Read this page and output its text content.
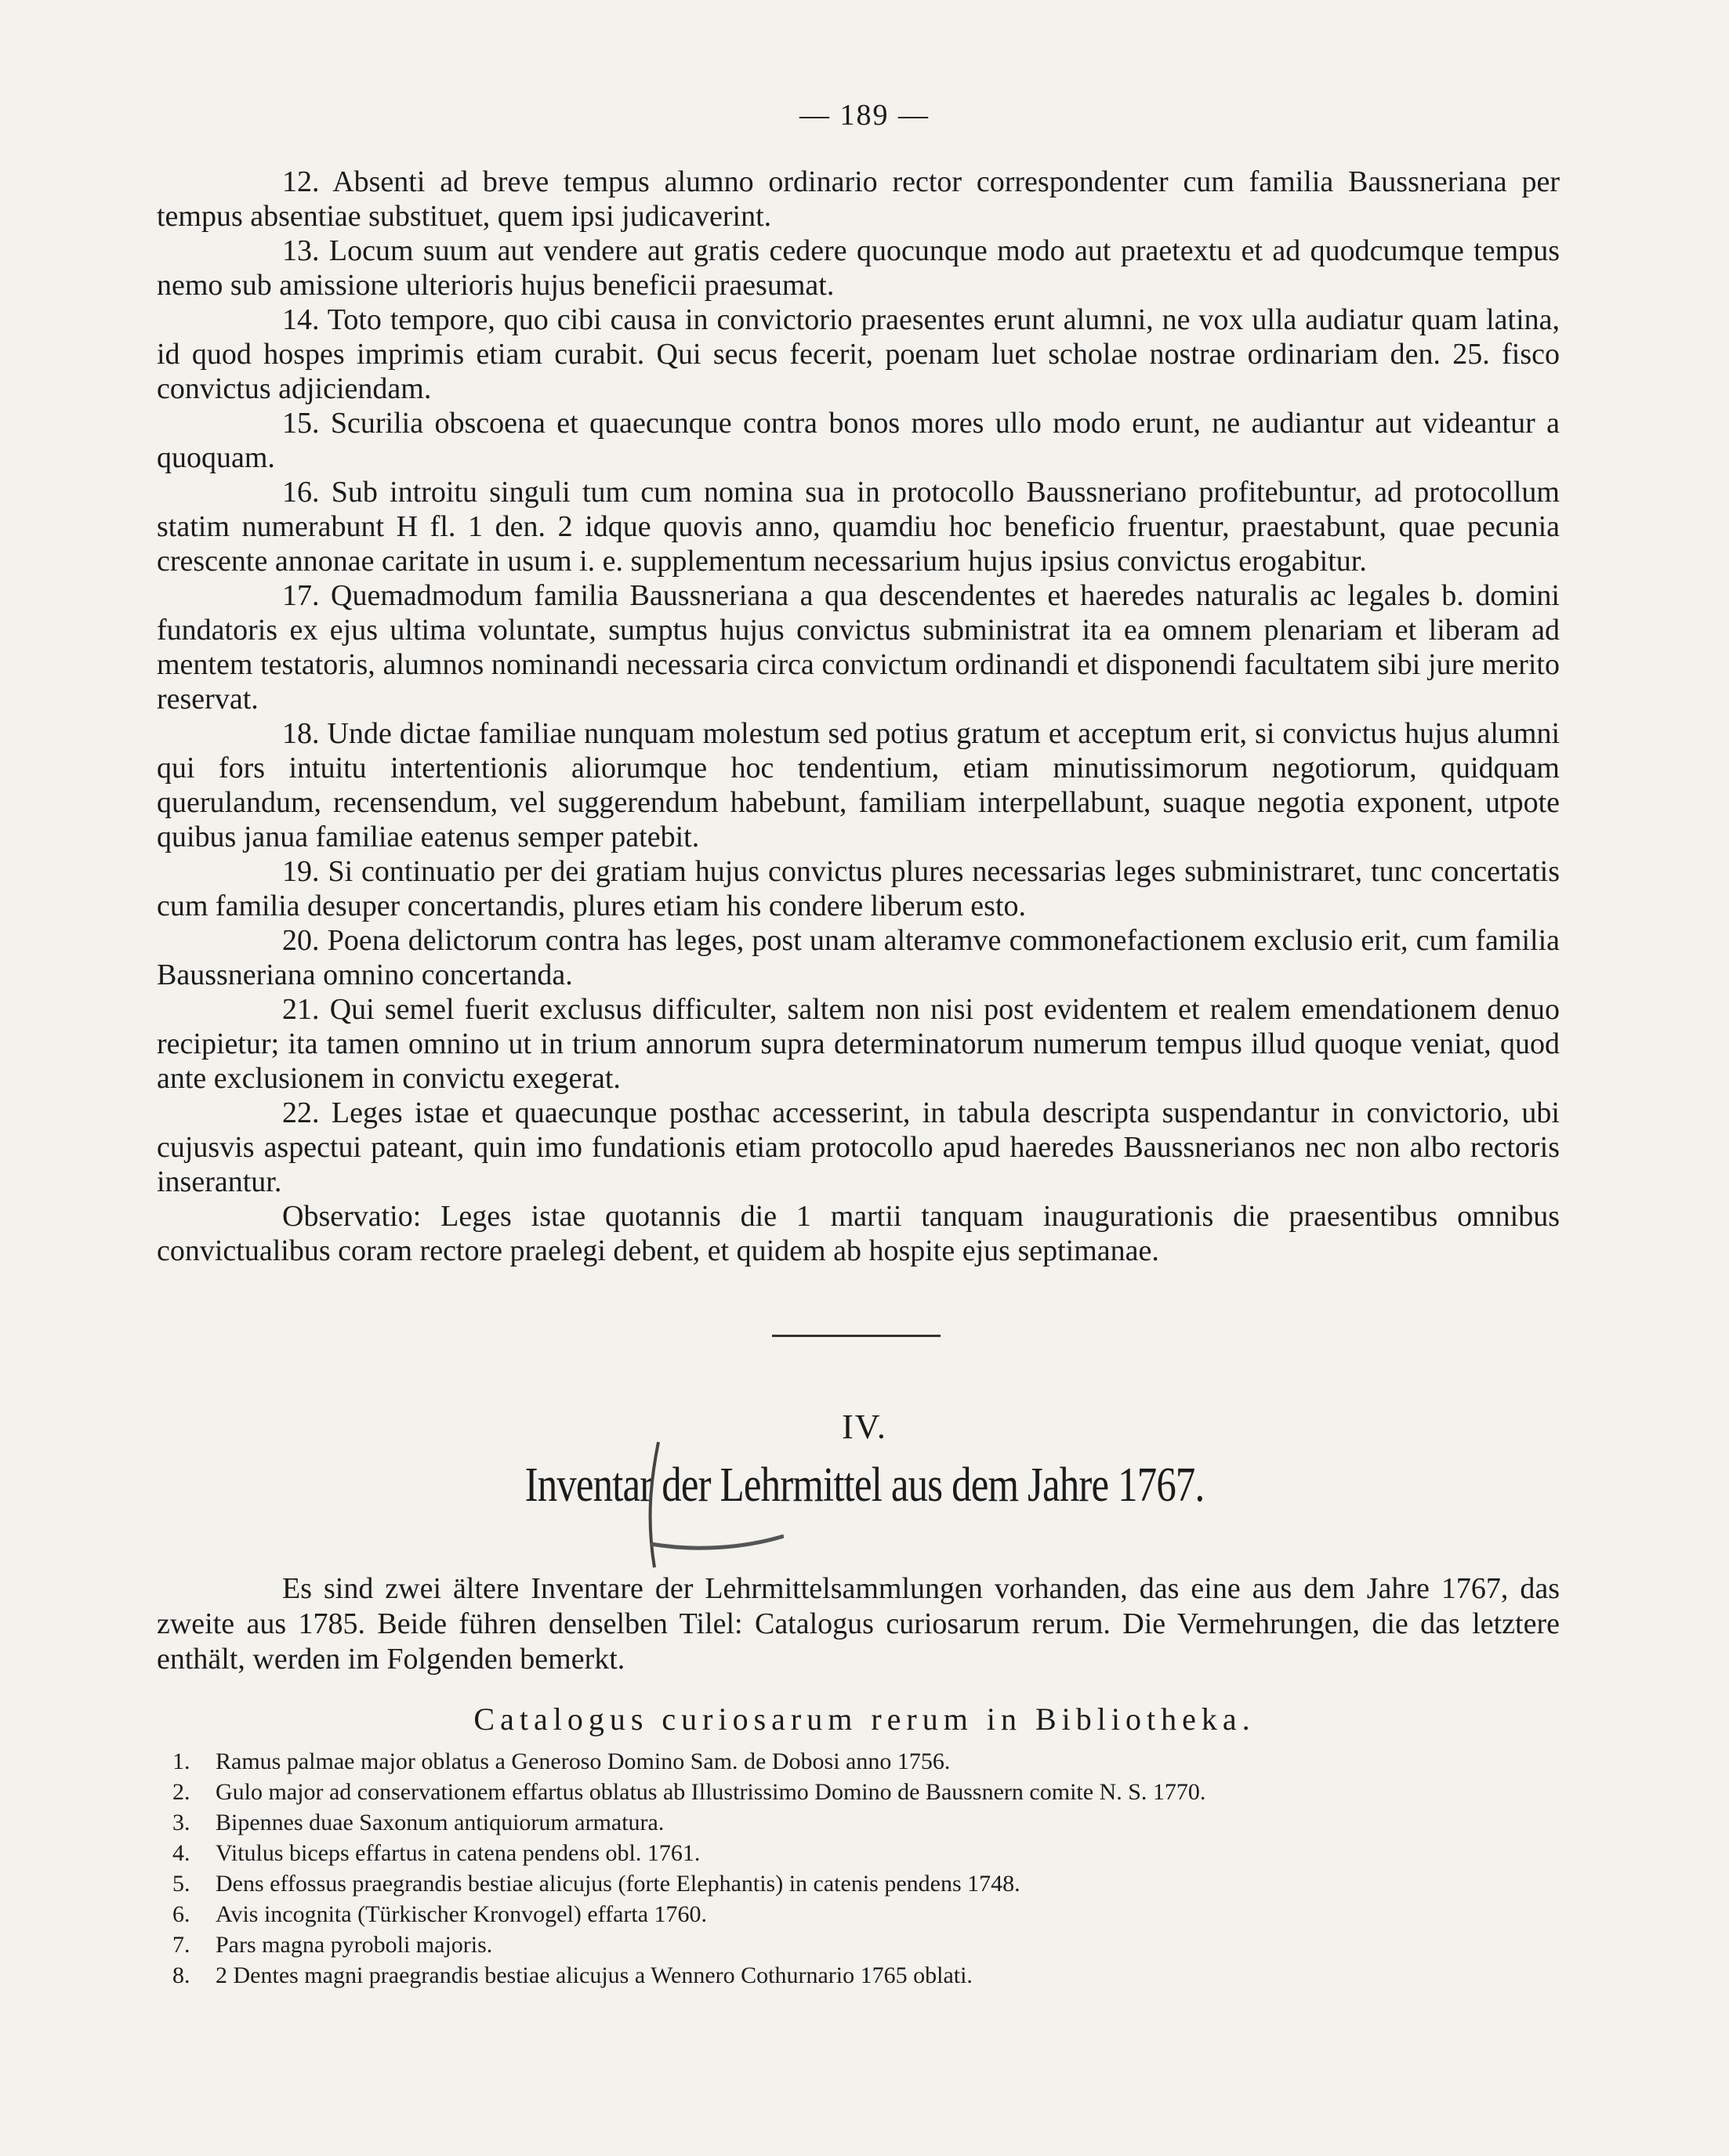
— 189 —

12. Absenti ad breve tempus alumno ordinario rector correspondenter cum familia Baussneriana per tempus absentiae substituet, quem ipsi judicaverint.

13. Locum suum aut vendere aut gratis cedere quocunque modo aut praetextu et ad quodcumque tempus nemo sub amissione ulterioris hujus beneficii praesumat.

14. Toto tempore, quo cibi causa in convictorio praesentes erunt alumni, ne vox ulla audiatur quam latina, id quod hospes imprimis etiam curabit. Qui secus fecerit, poenam luet scholae nostrae ordinariam den. 25. fisco convictus adjiciendam.

15. Scurilia obscoena et quaecunque contra bonos mores ullo modo erunt, ne audiantur aut videantur a quoquam.

16. Sub introitu singuli tum cum nomina sua in protocollo Baussneriano profitebuntur, ad protocollum statim numerabunt H fl. 1 den. 2 idque quovis anno, quamdiu hoc beneficio fruentur, praestabunt, quae pecunia crescente annonae caritate in usum i. e. supplementum necessarium hujus ipsius convictus erogabitur.

17. Quemadmodum familia Baussneriana a qua descendentes et haeredes naturalis ac legales b. domini fundatoris ex ejus ultima voluntate, sumptus hujus convictus subministrat ita ea omnem plenariam et liberam ad mentem testatoris, alumnos nominandi necessaria circa convictum ordinandi et disponendi facultatem sibi jure merito reservat.

18. Unde dictae familiae nunquam molestum sed potius gratum et acceptum erit, si convictus hujus alumni qui fors intuitu intertentionis aliorumque hoc tendentium, etiam minutissimorum negotiorum, quidquam querulandum, recensendum, vel suggerendum habebunt, familiam interpellabunt, suaque negotia exponent, utpote quibus janua familiae eatenus semper patebit.

19. Si continuatio per dei gratiam hujus convictus plures necessarias leges subministraret, tunc concertatis cum familia desuper concertandis, plures etiam his condere liberum esto.

20. Poena delictorum contra has leges, post unam alteramve commonefactionem exclusio erit, cum familia Baussneriana omnino concertanda.

21. Qui semel fuerit exclusus difficulter, saltem non nisi post evidentem et realem emendationem denuo recipietur; ita tamen omnino ut in trium annorum supra determinatorum numerum tempus illud quoque veniat, quod ante exclusionem in convictu exegerat.

22. Leges istae et quaecunque posthac accesserint, in tabula descripta suspendantur in convictorio, ubi cujusvis aspectui pateant, quin imo fundationis etiam protocollo apud haeredes Baussnerianos nec non albo rectoris inserantur.

Observatio: Leges istae quotannis die 1 martii tanquam inaugurationis die praesentibus omnibus convictualibus coram rectore praelegi debent, et quidem ab hospite ejus septimanae.

IV.
Inventar der Lehrmittel aus dem Jahre 1767.

Es sind zwei ältere Inventare der Lehrmittelsammlungen vorhanden, das eine aus dem Jahre 1767, das zweite aus 1785. Beide führen denselben Tilel: Catalogus curiosarum rerum. Die Vermehrungen, die das letztere enthält, werden im Folgenden bemerkt.

Catalogus curiosarum rerum in Bibliotheka.
1. Ramus palmae major oblatus a Generoso Domino Sam. de Dobosi anno 1756.
2. Gulo major ad conservationem effartus oblatus ab Illustrissimo Domino de Baussnern comite N. S. 1770.
3. Bipennes duae Saxonum antiquiorum armatura.
4. Vitulus biceps effartus in catena pendens obl. 1761.
5. Dens effossus praegrandis bestiae alicujus (forte Elephantis) in catenis pendens 1748.
6. Avis incognita (Türkischer Kronvogel) effarta 1760.
7. Pars magna pyroboli majoris.
8. 2 Dentes magni praegrandis bestiae alicujus a Wennero Cothurnario 1765 oblati.
